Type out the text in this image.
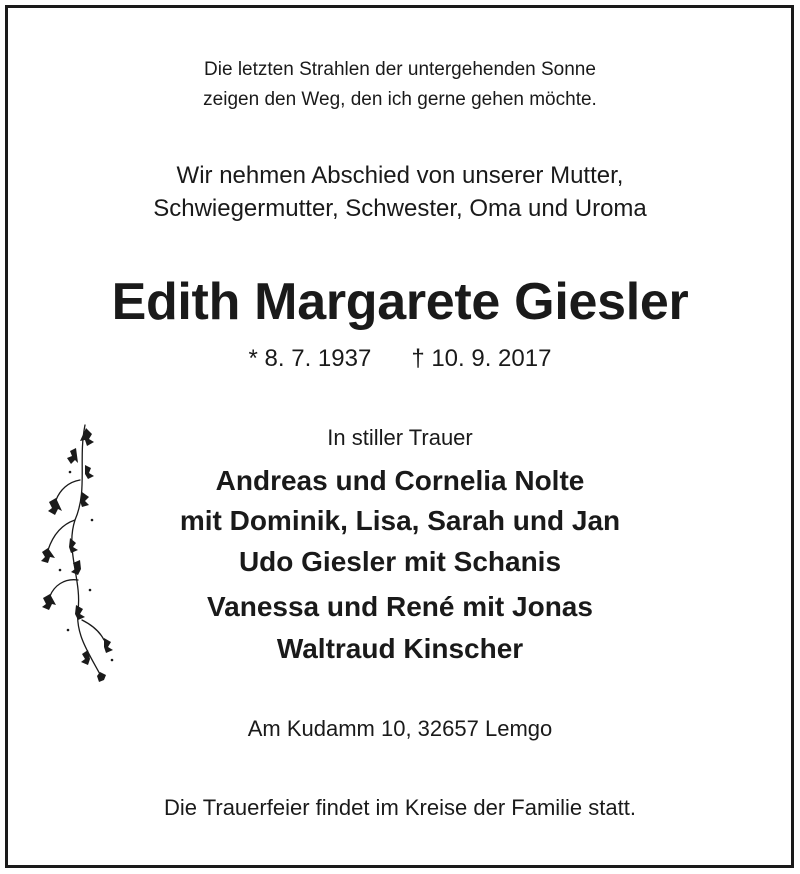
Die letzten Strahlen der untergehenden Sonne
zeigen den Weg, den ich gerne gehen möchte.
Wir nehmen Abschied von unserer Mutter,
Schwiegermutter, Schwester, Oma und Uroma
Edith Margarete Giesler
* 8. 7. 1937 † 10. 9. 2017
In stiller Trauer
Andreas und Cornelia Nolte
mit Dominik, Lisa, Sarah und Jan
Udo Giesler mit Schanis
Vanessa und René mit Jonas
Waltraud Kinscher
Am Kudamm 10, 32657 Lemgo
Die Trauerfeier findet im Kreise der Familie statt.
